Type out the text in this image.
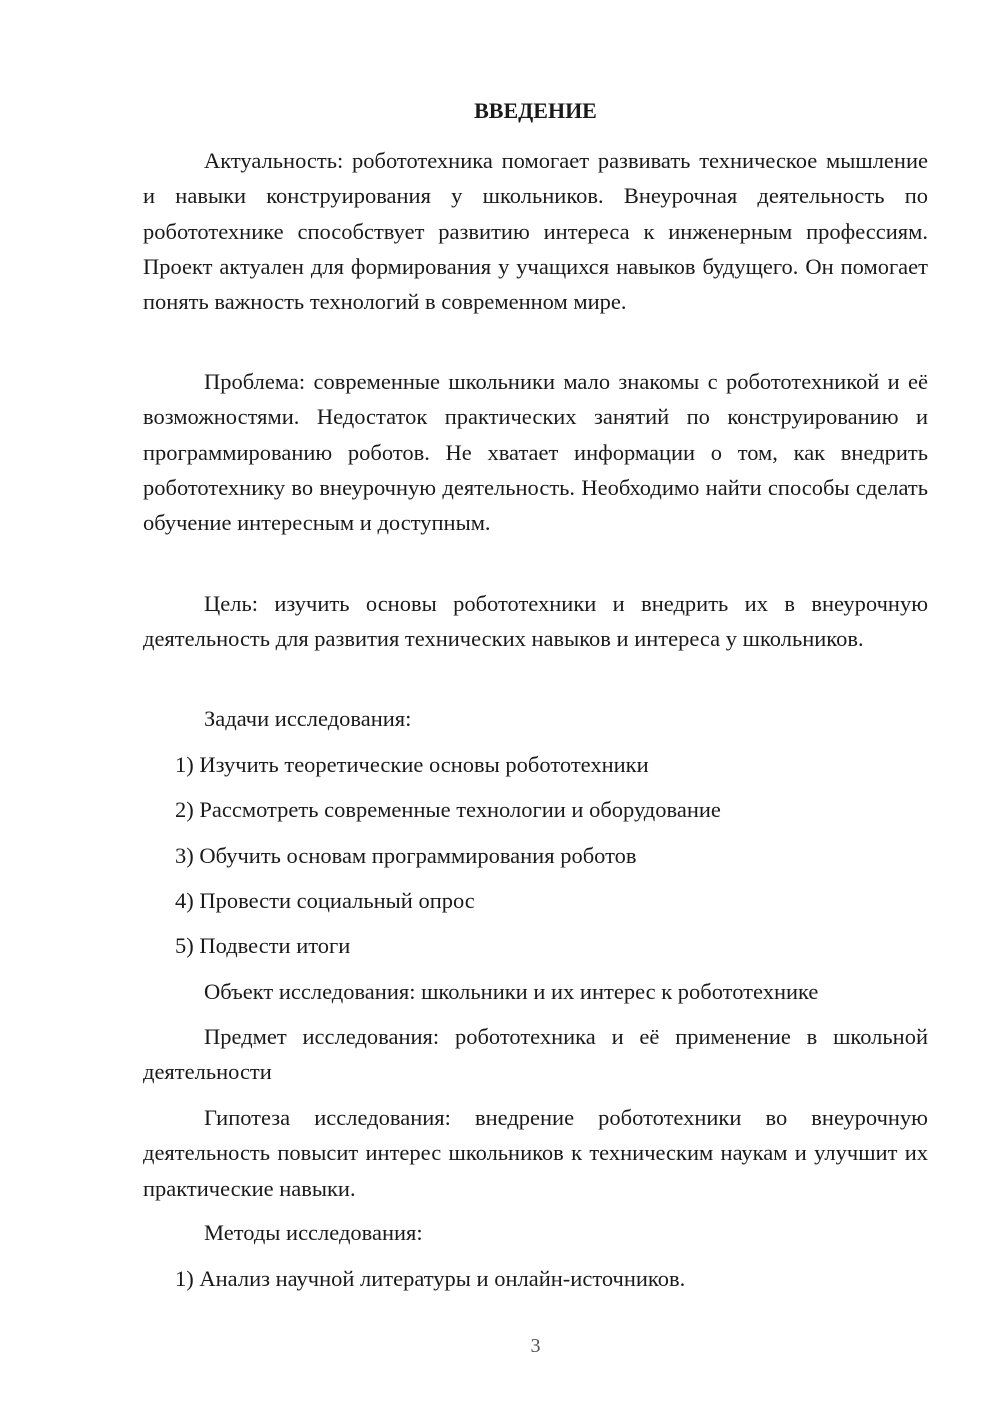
ВВЕДЕНИЕ

Актуальность: робототехника помогает развивать техническое мышление и навыки конструирования у школьников. Внеурочная деятельность по робототехнике способствует развитию интереса к инженерным профессиям. Проект актуален для формирования у учащихся навыков будущего. Он помогает понять важность технологий в современном мире.

Проблема: современные школьники мало знакомы с робототехникой и её возможностями. Недостаток практических занятий по конструированию и программированию роботов. Не хватает информации о том, как внедрить робототехнику во внеурочную деятельность. Необходимо найти способы сделать обучение интересным и доступным.

Цель: изучить основы робототехники и внедрить их в внеурочную деятельность для развития технических навыков и интереса у школьников.

Задачи исследования:

1) Изучить теоретические основы робототехники

2) Рассмотреть современные технологии и оборудование

3) Обучить основам программирования роботов

4) Провести социальный опрос

5) Подвести итоги

Объект исследования: школьники и их интерес к робототехнике

Предмет исследования: робототехника и её применение в школьной деятельности

Гипотеза исследования: внедрение робототехники во внеурочную деятельность повысит интерес школьников к техническим наукам и улучшит их практические навыки.

Методы исследования:

1) Анализ научной литературы и онлайн-источников.

3
